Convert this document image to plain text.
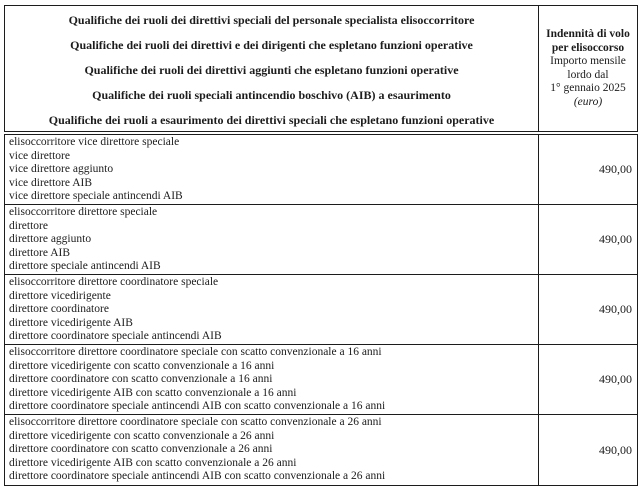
Qualifiche dei ruoli dei direttivi speciali del personale specialista elisoccorritore
Qualifiche dei ruoli dei direttivi e dei dirigenti che espletano funzioni operative
Qualifiche dei ruoli dei direttivi aggiunti che espletano funzioni operative
Qualifiche dei ruoli speciali antincendio boschivo (AIB) a esaurimento
Qualifiche dei ruoli a esaurimento dei direttivi speciali che espletano funzioni operative
Indennità di volo
per elisoccorso
Importo mensile
lordo dal
1° gennaio 2025
(euro)
elisoccorritore vice direttore speciale
vice direttore
vice direttore aggiunto
vice direttore AIB
vice direttore speciale antincendi AIB
490,00
elisoccorritore direttore speciale
direttore
direttore aggiunto
direttore AIB
direttore speciale antincendi AIB
490,00
elisoccorritore direttore coordinatore speciale
direttore vicedirigente
direttore coordinatore
direttore vicedirigente AIB
direttore coordinatore speciale antincendi AIB
490,00
elisoccorritore direttore coordinatore speciale con scatto convenzionale a 16 anni
direttore vicedirigente con scatto convenzionale a 16 anni
direttore coordinatore con scatto convenzionale a 16 anni
direttore vicedirigente AIB con scatto convenzionale a 16 anni
direttore coordinatore speciale antincendi AIB con scatto convenzionale a 16 anni
490,00
elisoccorritore direttore coordinatore speciale con scatto convenzionale a 26 anni
direttore vicedirigente con scatto convenzionale a 26 anni
direttore coordinatore con scatto convenzionale a 26 anni
direttore vicedirigente AIB con scatto convenzionale a 26 anni
direttore coordinatore speciale antincendi AIB con scatto convenzionale a 26 anni
490,00
